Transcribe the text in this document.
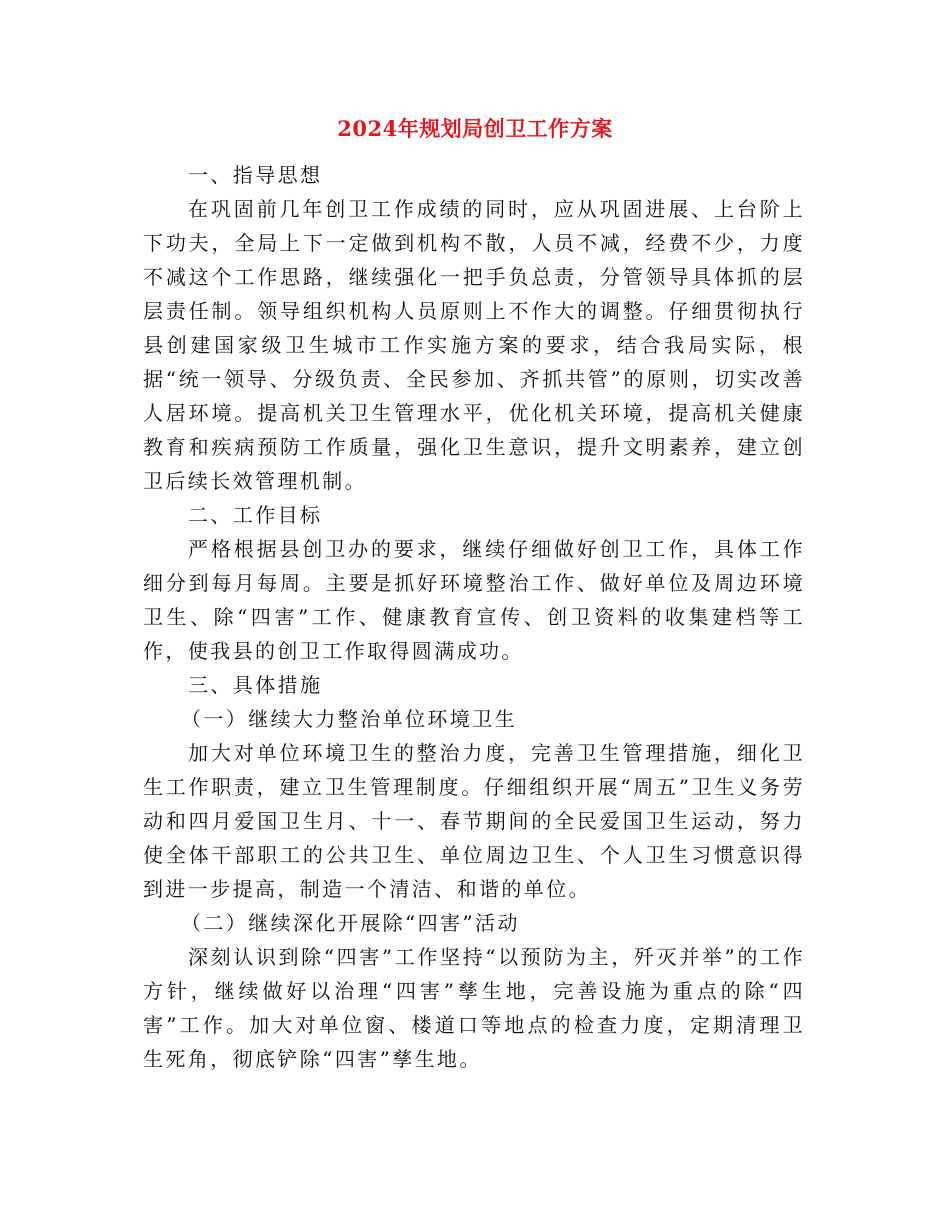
2024年规划局创卫工作方案

一、指导思想

在巩固前几年创卫工作成绩的同时，应从巩固进展、上台阶上下功夫，全局上下一定做到机构不散，人员不减，经费不少，力度不减这个工作思路，继续强化一把手负总责，分管领导具体抓的层层责任制。领导组织机构人员原则上不作大的调整。仔细贯彻执行县创建国家级卫生城市工作实施方案的要求，结合我局实际，根据“统一领导、分级负责、全民参加、齐抓共管”的原则，切实改善人居环境。提高机关卫生管理水平，优化机关环境，提高机关健康教育和疾病预防工作质量，强化卫生意识，提升文明素养，建立创卫后续长效管理机制。

二、工作目标

严格根据县创卫办的要求，继续仔细做好创卫工作，具体工作细分到每月每周。主要是抓好环境整治工作、做好单位及周边环境卫生、除“四害”工作、健康教育宣传、创卫资料的收集建档等工作，使我县的创卫工作取得圆满成功。

三、具体措施

（一）继续大力整治单位环境卫生

加大对单位环境卫生的整治力度，完善卫生管理措施，细化卫生工作职责，建立卫生管理制度。仔细组织开展“周五”卫生义务劳动和四月爱国卫生月、十一、春节期间的全民爱国卫生运动，努力使全体干部职工的公共卫生、单位周边卫生、个人卫生习惯意识得到进一步提高，制造一个清洁、和谐的单位。

（二）继续深化开展除“四害”活动

深刻认识到除“四害”工作坚持“以预防为主，歼灭并举”的工作方针，继续做好以治理“四害”孳生地，完善设施为重点的除“四害”工作。加大对单位窗、楼道口等地点的检查力度，定期清理卫生死角，彻底铲除“四害”孳生地。
